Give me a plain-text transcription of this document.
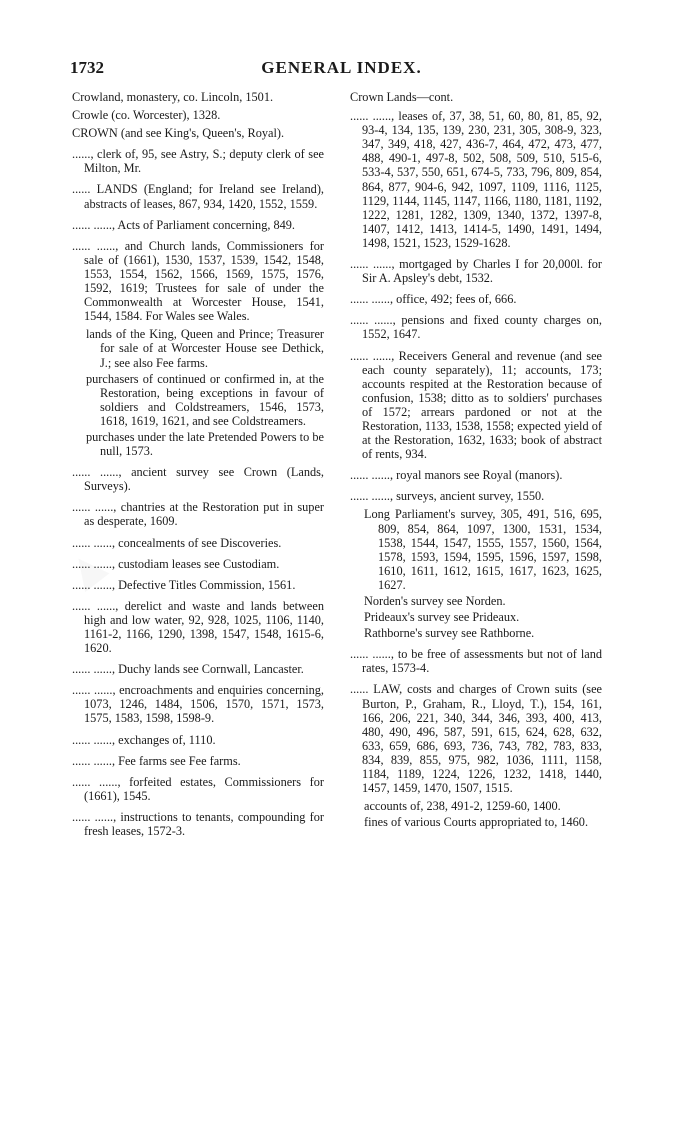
▲
1732	GENERAL INDEX.

Crowland, monastery, co. Lincoln, 1501.

Crowle (co. Worcester), 1328.

CROWN (and see King's, Queen's, Royal).

......, clerk of, 95, see Astry, S.; deputy clerk of see Milton, Mr.

...... LANDS (England; for Ireland see Ireland), abstracts of leases, 867, 934, 1420, 1552, 1559.

...... ......, Acts of Parliament concerning, 849.

...... ......, and Church lands, Commissioners for sale of (1661), 1530, 1537, 1539, 1542, 1548, 1553, 1554, 1562, 1566, 1569, 1575, 1576, 1592, 1619; Trustees for sale of under the Commonwealth at Worcester House, 1541, 1544, 1584. For Wales see Wales.

lands of the King, Queen and Prince; Treasurer for sale of at Worcester House see Dethick, J.; see also Fee farms.

purchasers of continued or confirmed in, at the Restoration, being exceptions in favour of soldiers and Coldstreamers, 1546, 1573, 1618, 1619, 1621, and see Coldstreamers.

purchases under the late Pretended Powers to be null, 1573.

...... ......, ancient survey see Crown (Lands, Surveys).

...... ......, chantries at the Restoration put in super as desperate, 1609.

...... ......, concealments of see Discoveries.

...... ......, custodiam leases see Custodiam.

...... ......, Defective Titles Commission, 1561.

...... ......, derelict and waste and lands between high and low water, 92, 928, 1025, 1106, 1140, 1161-2, 1166, 1290, 1398, 1547, 1548, 1615-6, 1620.

...... ......, Duchy lands see Cornwall, Lancaster.

...... ......, encroachments and enquiries concerning, 1073, 1246, 1484, 1506, 1570, 1571, 1573, 1575, 1583, 1598, 1598-9.

...... ......, exchanges of, 1110.

...... ......, Fee farms see Fee farms.

...... ......, forfeited estates, Commissioners for (1661), 1545.

...... ......, instructions to tenants, compounding for fresh leases, 1572-3.

Crown Lands—cont.

...... ......, leases of, 37, 38, 51, 60, 80, 81, 85, 92, 93-4, 134, 135, 139, 230, 231, 305, 308-9, 323, 347, 349, 418, 427, 436-7, 464, 472, 473, 477, 488, 490-1, 497-8, 502, 508, 509, 510, 515-6, 533-4, 537, 550, 651, 674-5, 733, 796, 809, 854, 864, 877, 904-6, 942, 1097, 1109, 1116, 1125, 1129, 1144, 1145, 1147, 1166, 1180, 1181, 1192, 1222, 1281, 1282, 1309, 1340, 1372, 1397-8, 1407, 1412, 1413, 1414-5, 1490, 1491, 1494, 1498, 1521, 1523, 1529-1628.

...... ......, mortgaged by Charles I for 20,000l. for Sir A. Apsley's debt, 1532.

...... ......, office, 492; fees of, 666.

...... ......, pensions and fixed county charges on, 1552, 1647.

...... ......, Receivers General and revenue (and see each county separately), 11; accounts, 173; accounts respited at the Restoration because of confusion, 1538; ditto as to soldiers' purchases of 1572; arrears pardoned or not at the Restoration, 1133, 1538, 1558; expected yield of at the Restoration, 1632, 1633; book of abstract of rents, 934.

...... ......, royal manors see Royal (manors).

...... ......, surveys, ancient survey, 1550.

Long Parliament's survey, 305, 491, 516, 695, 809, 854, 864, 1097, 1300, 1531, 1534, 1538, 1544, 1547, 1555, 1557, 1560, 1564, 1578, 1593, 1594, 1595, 1596, 1597, 1598, 1610, 1611, 1612, 1615, 1617, 1623, 1625, 1627.

Norden's survey see Norden.

Prideaux's survey see Prideaux.

Rathborne's survey see Rathborne.

...... ......, to be free of assessments but not of land rates, 1573-4.

...... LAW, costs and charges of Crown suits (see Burton, P., Graham, R., Lloyd, T.), 154, 161, 166, 206, 221, 340, 344, 346, 393, 400, 413, 480, 490, 496, 587, 591, 615, 624, 628, 632, 633, 659, 686, 693, 736, 743, 782, 783, 833, 834, 839, 855, 975, 982, 1036, 1111, 1158, 1184, 1189, 1224, 1226, 1232, 1418, 1440, 1457, 1459, 1470, 1507, 1515.

accounts of, 238, 491-2, 1259-60, 1400.

fines of various Courts appropriated to, 1460.
